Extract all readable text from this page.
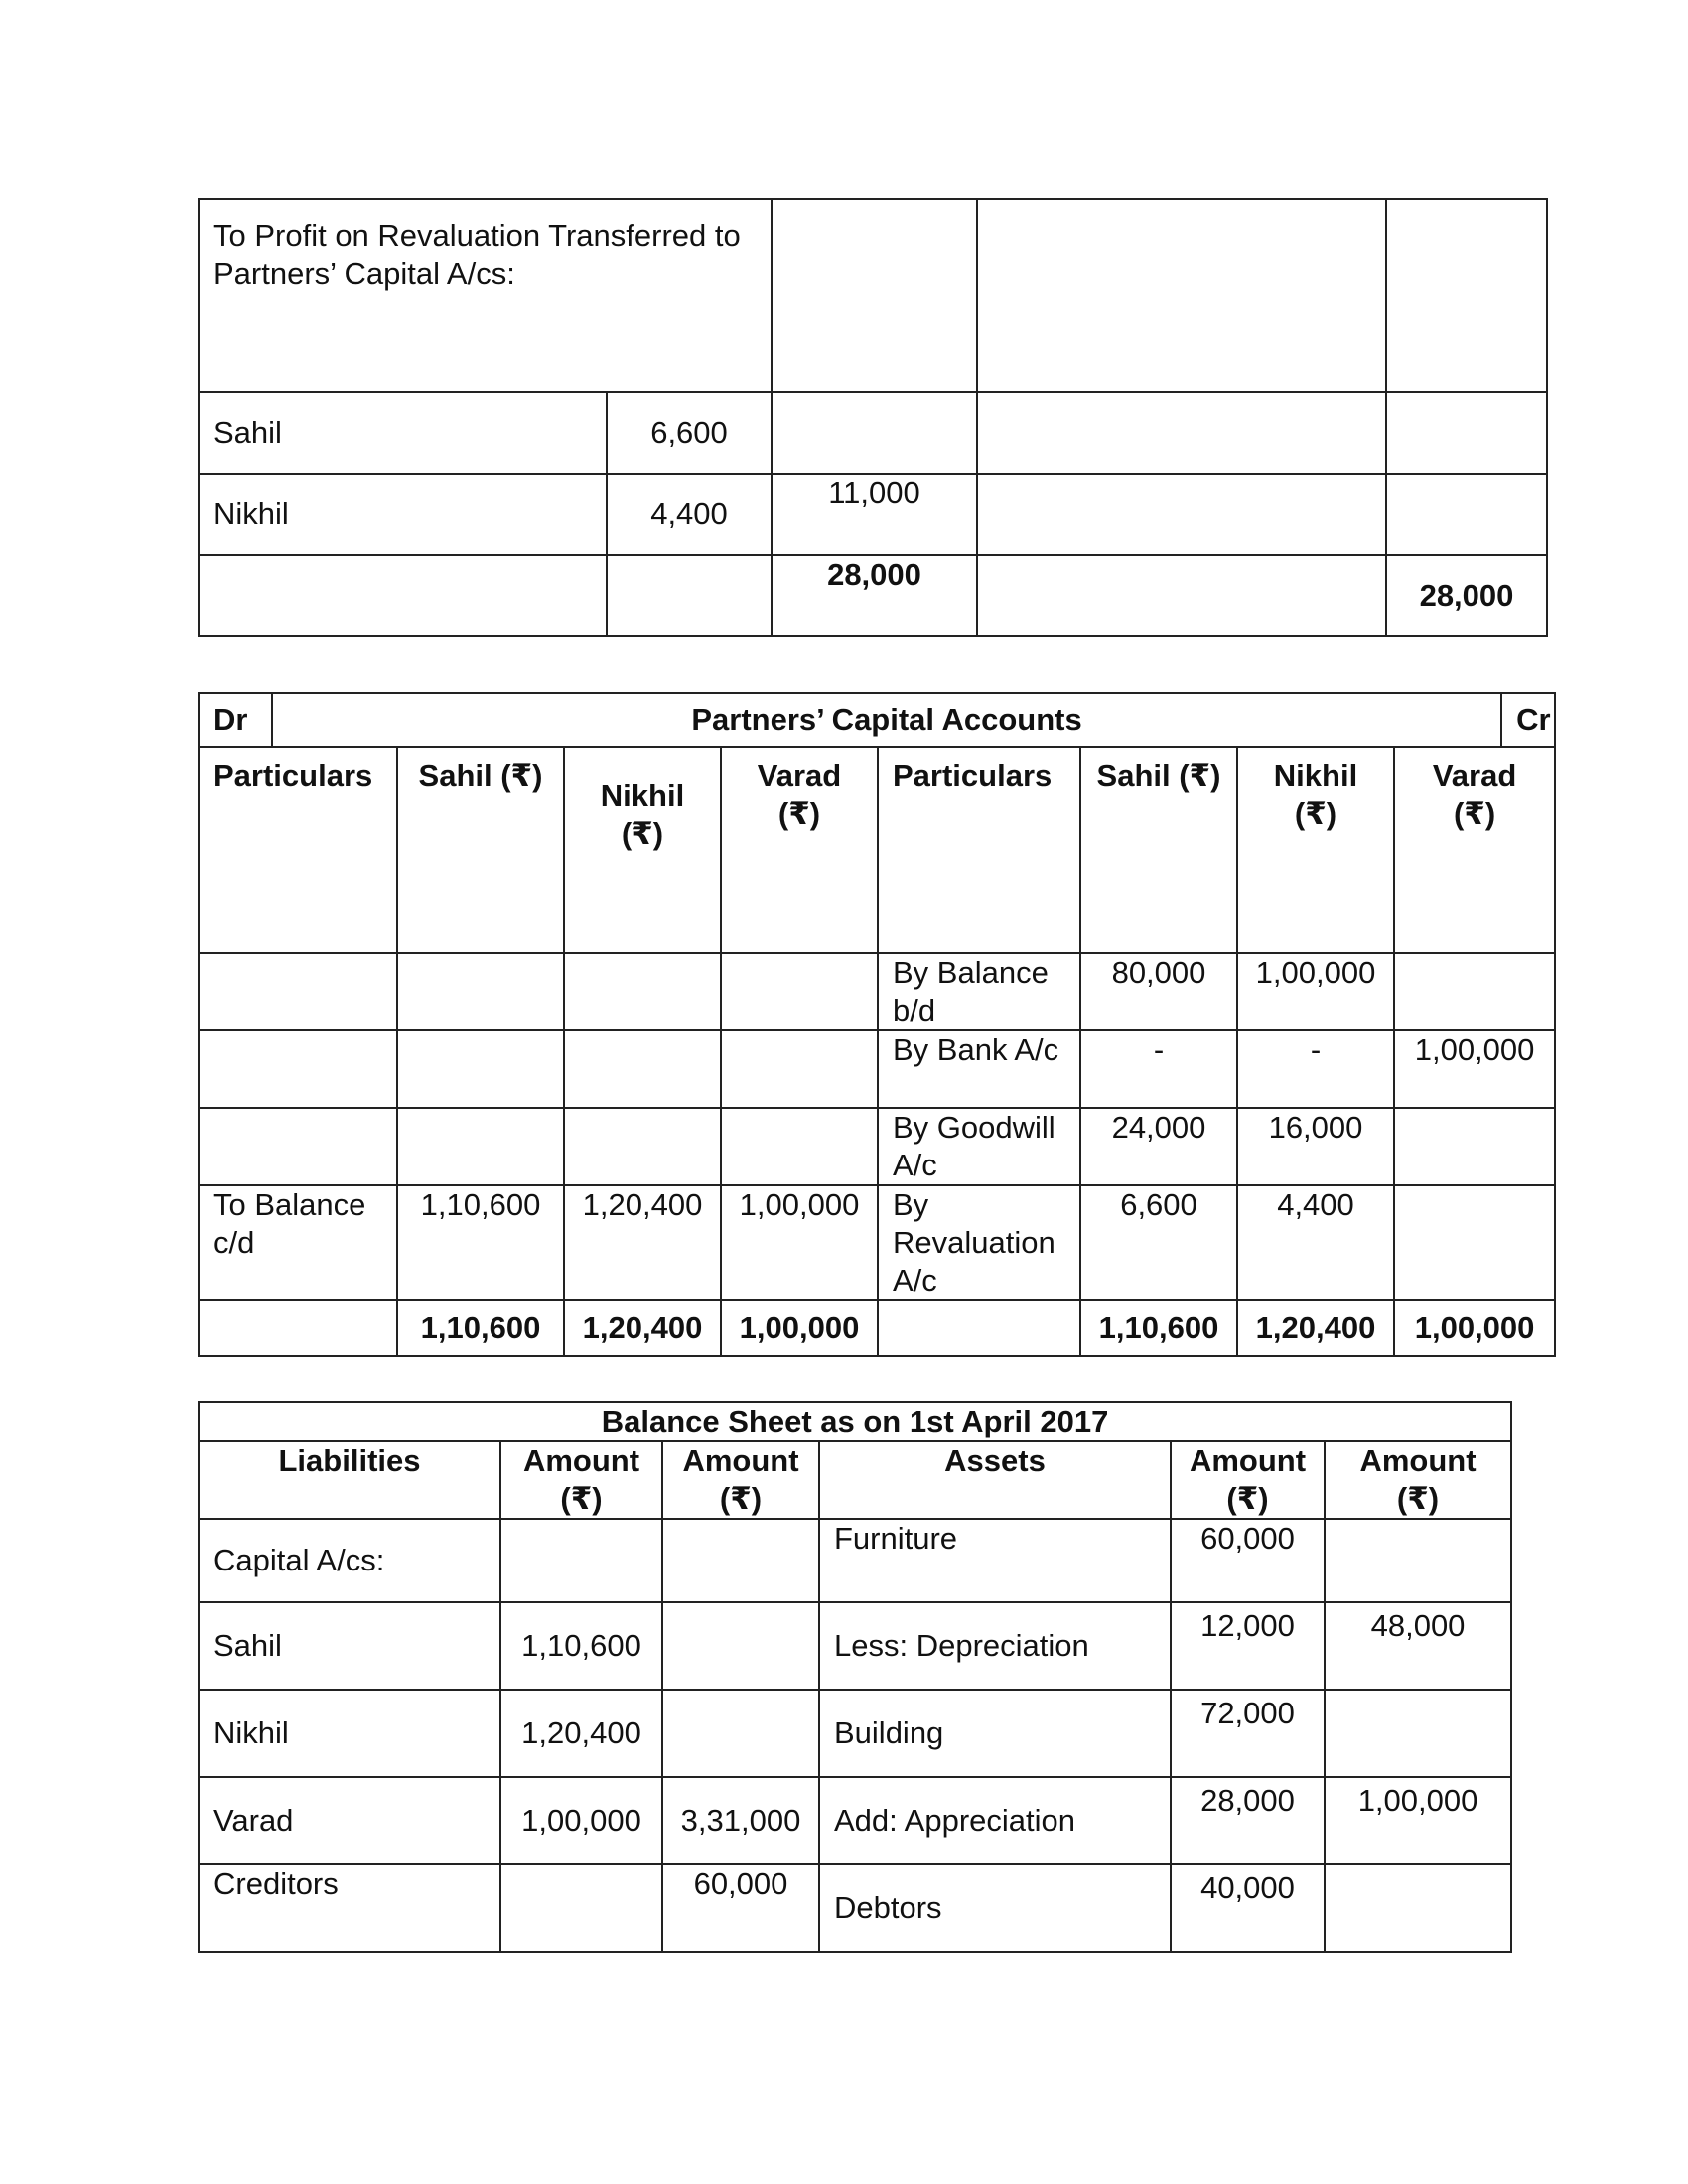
To Profit on Revaluation Transferred to Partners’ Capital A/cs:				
Sahil	6,600			
Nikhil	4,400	11,000		
		28,000		28,000
Dr	Partners’ Capital Accounts								Cr
Particulars		Sahil (₹)	Nikhil (₹)	Varad (₹)	Particulars	Sahil (₹)	Nikhil (₹)	Varad (₹)	

					By Balance b/d	80,000	1,00,000		
					By Bank A/c	-	-	1,00,000	
					By Goodwill A/c	24,000	16,000		
To Balance c/d		1,10,600	1,20,400	1,00,000	By Revaluation A/c	6,600	4,400		
		1,10,600	1,20,400	1,00,000		1,10,600	1,20,400	1,00,000	
Balance Sheet as on 1st April 2017					
Liabilities	Amount (₹)	Amount (₹)	Assets	Amount (₹)	Amount (₹)

Capital A/cs:			Furniture	60,000	
Sahil	1,10,600		Less: Depreciation	12,000	48,000
Nikhil	1,20,400		Building	72,000	
Varad	1,00,000	3,31,000	Add: Appreciation	28,000	1,00,000
Creditors		60,000	Debtors	40,000	
